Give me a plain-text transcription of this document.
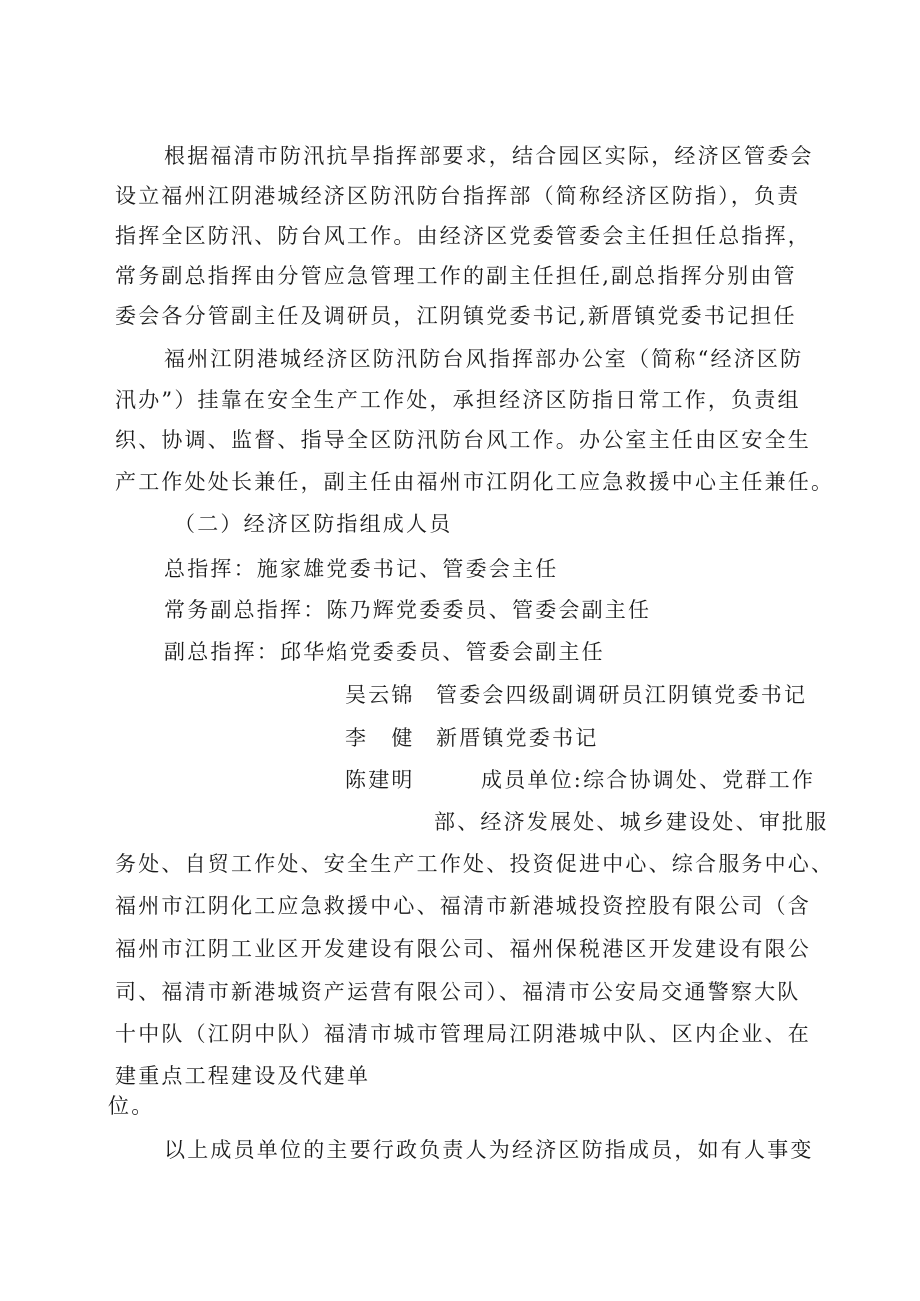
根据福清市防汛抗旱指挥部要求，结合园区实际，经济区管委会
设立福州江阴港城经济区防汛防台指挥部（简称经济区防指），负责
指挥全区防汛、防台风工作。由经济区党委管委会主任担任总指挥，
常务副总指挥由分管应急管理工作的副主任担任,副总指挥分别由管
委会各分管副主任及调研员，江阴镇党委书记,新厝镇党委书记担任
福州江阴港城经济区防汛防台风指挥部办公室（简称“经济区防
汛办”）挂靠在安全生产工作处，承担经济区防指日常工作，负责组
织、协调、监督、指导全区防汛防台风工作。办公室主任由区安全生
产工作处处长兼任，副主任由福州市江阴化工应急救援中心主任兼任。
（二）经济区防指组成人员
总指挥：施家雄党委书记、管委会主任
常务副总指挥：陈乃辉党委委员、管委会副主任
副总指挥：邱华焰党委委员、管委会副主任
吴云锦 管委会四级副调研员江阴镇党委书记
李　健 新厝镇党委书记
陈建明	成员单位:综合协调处、党群工作
部、经济发展处、城乡建设处、审批服
务处、自贸工作处、安全生产工作处、投资促进中心、综合服务中心、
福州市江阴化工应急救援中心、福清市新港城投资控股有限公司（含
福州市江阴工业区开发建设有限公司、福州保税港区开发建设有限公
司、福清市新港城资产运营有限公司）、福清市公安局交通警察大队
十中队（江阴中队）福清市城市管理局江阴港城中队、区内企业、在
建重点工程建设及代建单
位。
以上成员单位的主要行政负责人为经济区防指成员，如有人事变
